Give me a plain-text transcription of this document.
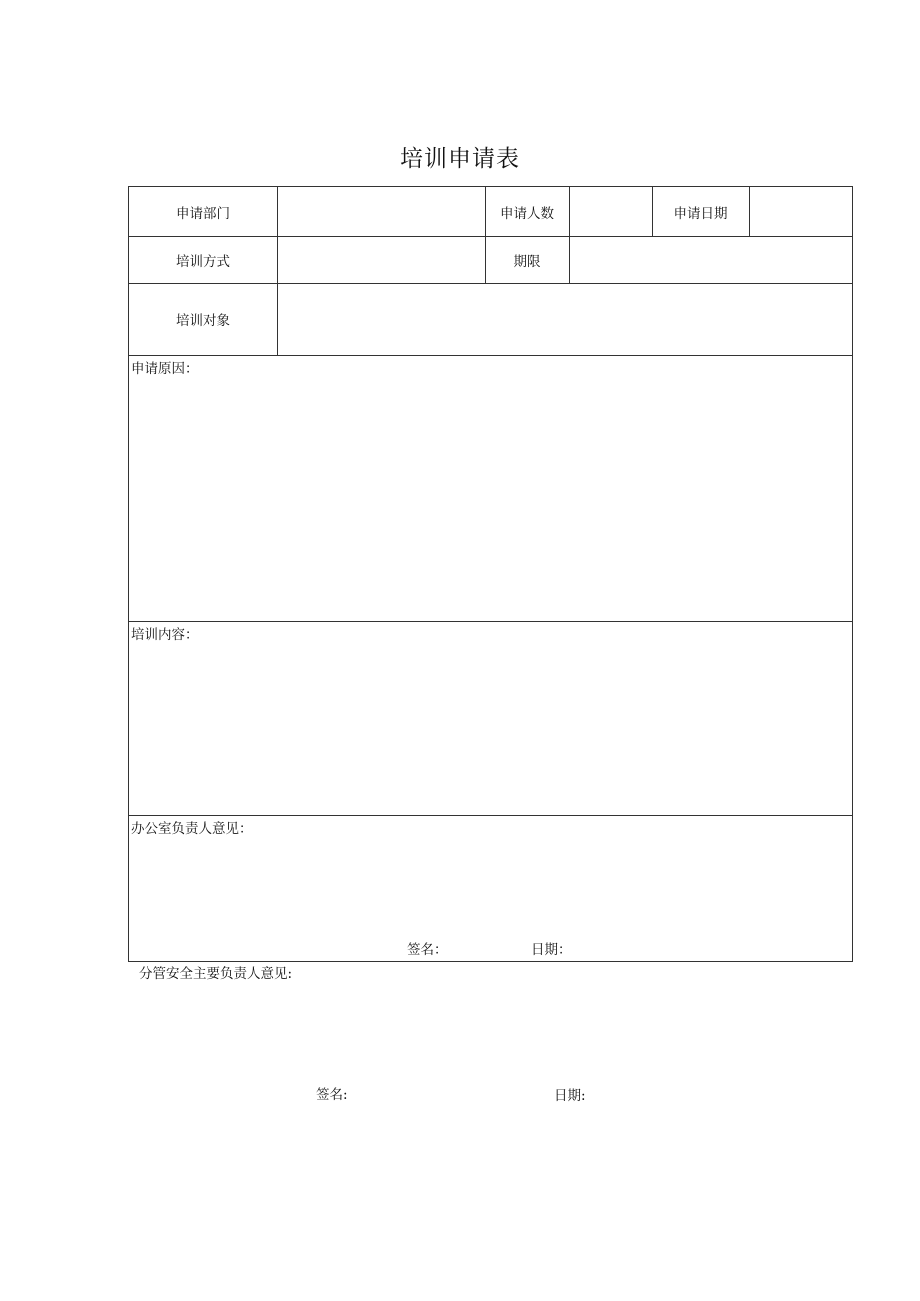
培训申请表
申请部门	申请人数	申请日期
培训方式	期限
培训对象
申请原因：
培训内容：
办公室负责人意见：
签名：	日期：
分管安全主要负责人意见:
签名:	日期:
